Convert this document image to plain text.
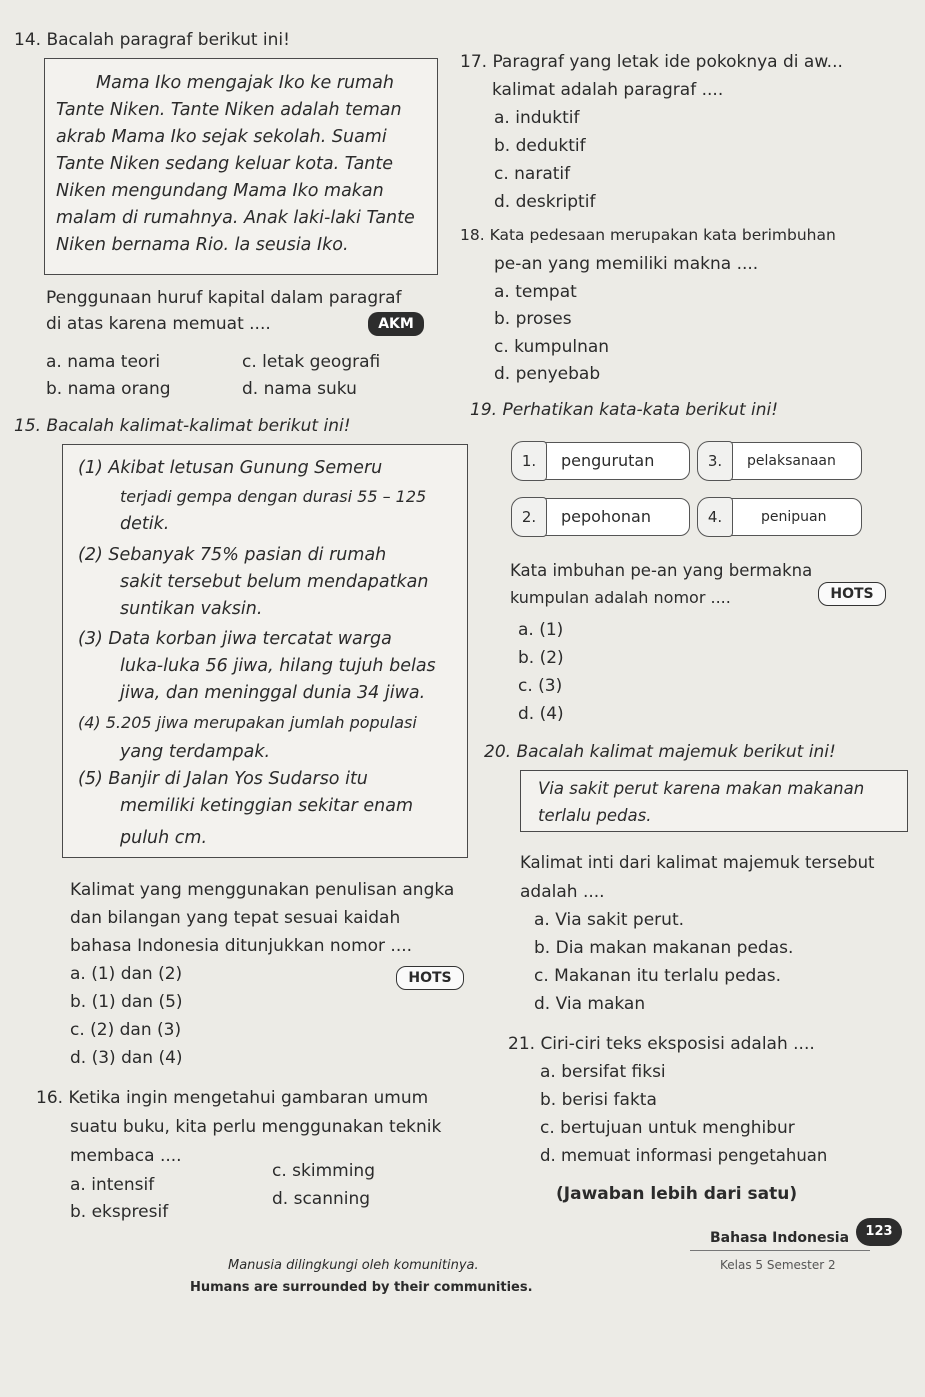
14. Bacalah paragraf berikut ini!
Mama Iko mengajak Iko ke rumah
Tante Niken. Tante Niken adalah teman
akrab Mama Iko sejak sekolah. Suami
Tante Niken sedang keluar kota. Tante
Niken mengundang Mama Iko makan
malam di rumahnya. Anak laki-laki Tante
Niken bernama Rio. la seusia Iko.
Penggunaan huruf kapital dalam paragraf
di atas karena memuat ....	AKM
a. nama teori	c. letak geografi
b. nama orang	d. nama suku
15. Bacalah kalimat-kalimat berikut ini!
(1) Akibat letusan Gunung Semeru
terjadi gempa dengan durasi 55 – 125
detik.
(2) Sebanyak 75% pasian di rumah
sakit tersebut belum mendapatkan
suntikan vaksin.
(3) Data korban jiwa tercatat warga
luka-luka 56 jiwa, hilang tujuh belas
jiwa, dan meninggal dunia 34 jiwa.
(4) 5.205 jiwa merupakan jumlah populasi
yang terdampak.
(5) Banjir di Jalan Yos Sudarso itu
memiliki ketinggian sekitar enam
puluh cm.
Kalimat yang menggunakan penulisan angka
dan bilangan yang tepat sesuai kaidah
bahasa Indonesia ditunjukkan nomor ....
a. (1) dan (2)	HOTS
b. (1) dan (5)
c. (2) dan (3)
d. (3) dan (4)
16. Ketika ingin mengetahui gambaran umum
suatu buku, kita perlu menggunakan teknik
membaca ....
a. intensif
c. skimming
b. ekspresif
d. scanning
17. Paragraf yang letak ide pokoknya di aw...
kalimat adalah paragraf ....
a. induktif
b. deduktif
c. naratif
d. deskriptif
18. Kata pedesaan merupakan kata berimbuhan
pe-an yang memiliki makna ....
a. tempat
b. proses
c. kumpulnan
d. penyebab
19. Perhatikan kata-kata berikut ini!
1.	pengurutan
2.	pepohonan
3.	pelaksanaan
4.	penipuan
Kata imbuhan pe-an yang bermakna
kumpulan adalah nomor ....	HOTS
a. (1)
b. (2)
c. (3)
d. (4)
20. Bacalah kalimat majemuk berikut ini!
Via sakit perut karena makan makanan
terlalu pedas.
Kalimat inti dari kalimat majemuk tersebut
adalah ....
a. Via sakit perut.
b. Dia makan makanan pedas.
c. Makanan itu terlalu pedas.
d. Via makan
21. Ciri-ciri teks eksposisi adalah ....
a. bersifat fiksi
b. berisi fakta
c. bertujuan untuk menghibur
d. memuat informasi pengetahuan
(Jawaban lebih dari satu)
Manusia dilingkungi oleh komunitinya.
Humans are surrounded by their communities.
Bahasa Indonesia
Kelas 5 Semester 2
123
